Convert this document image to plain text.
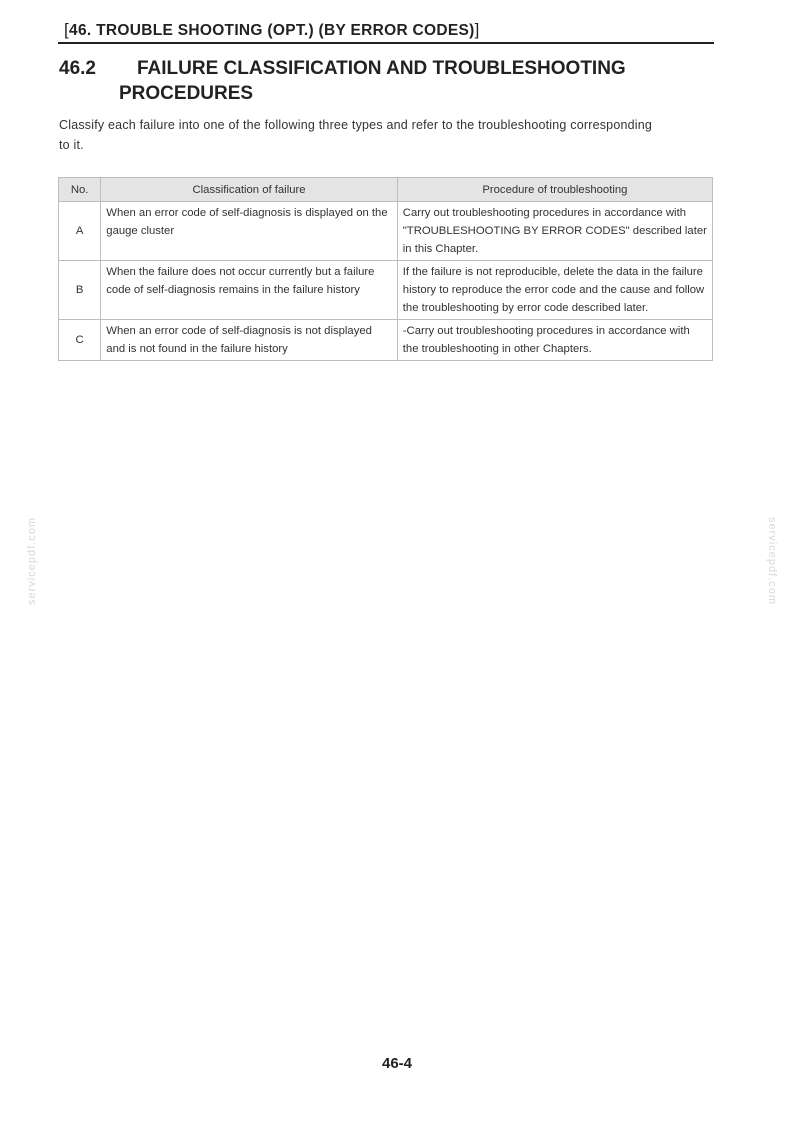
[46. TROUBLE SHOOTING (OPT.) (BY ERROR CODES)]
46.2 FAILURE CLASSIFICATION AND TROUBLESHOOTING
PROCEDURES
Classify each failure into one of the following three types and refer to the troubleshooting corresponding to it.
No.	Classification of failure	Procedure of troubleshooting
A	When an error code of self-diagnosis is displayed on the gauge cluster	Carry out troubleshooting procedures in accordance with "TROUBLESHOOTING BY ERROR CODES" described later in this Chapter.
B	When the failure does not occur currently but a failure code of self-diagnosis remains in the failure history	If the failure is not reproducible, delete the data in the failure history to reproduce the error code and the cause and follow the troubleshooting by error code described later.
C	When an error code of self-diagnosis is not displayed and is not found in the failure history	-Carry out troubleshooting procedures in accordance with the troubleshooting in other Chapters.
servicepdf.com	servicepdf.com
46-4
